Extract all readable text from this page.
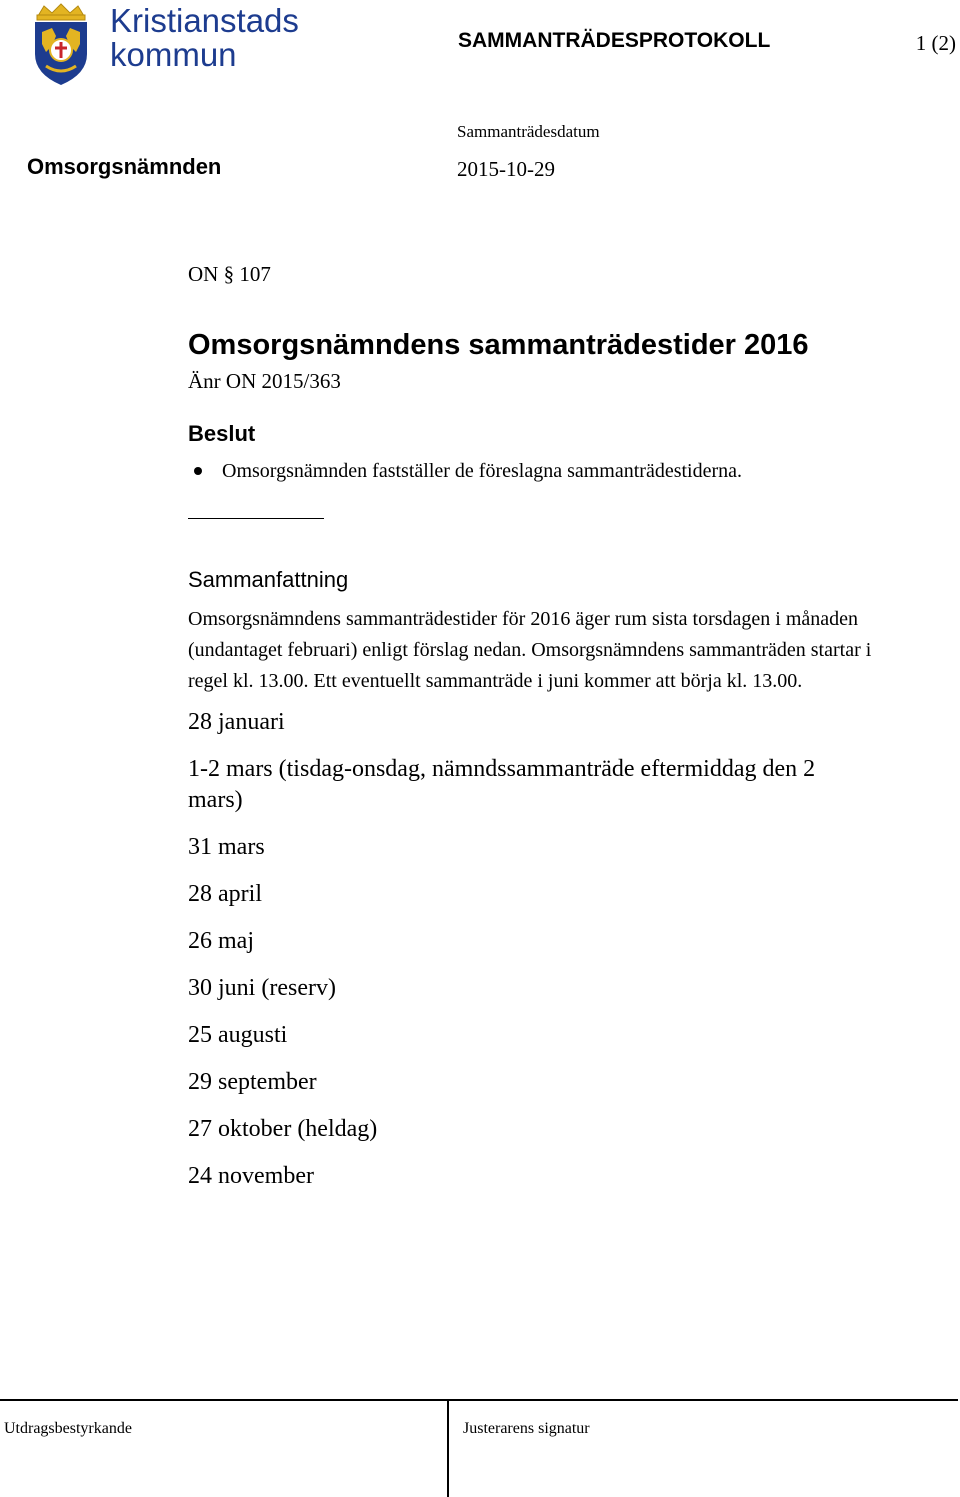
Kristianstads
kommun	SAMMANTRÄDESPROTOKOLL	1 (2)
Sammanträdesdatum
2015-10-29
Omsorgsnämnden

ON § 107

Omsorgsnämndens sammanträdestider 2016

Änr ON 2015/363

Beslut
Omsorgsnämnden fastställer de föreslagna sammanträdestiderna.
Sammanfattning

Omsorgsnämndens sammanträdestider för 2016 äger rum sista torsdagen i månaden (undantaget februari) enligt förslag nedan. Omsorgsnämndens sammanträden startar i regel kl. 13.00. Ett eventuellt sammanträde i juni kommer att börja kl. 13.00.

28 januari
1-2 mars (tisdag-onsdag, nämndssammanträde eftermiddag den 2 mars)
31 mars
28 april
26 maj
30 juni (reserv)
25 augusti
29 september
27 oktober (heldag)
24 november
Utdragsbestyrkande	Justerarens signatur
